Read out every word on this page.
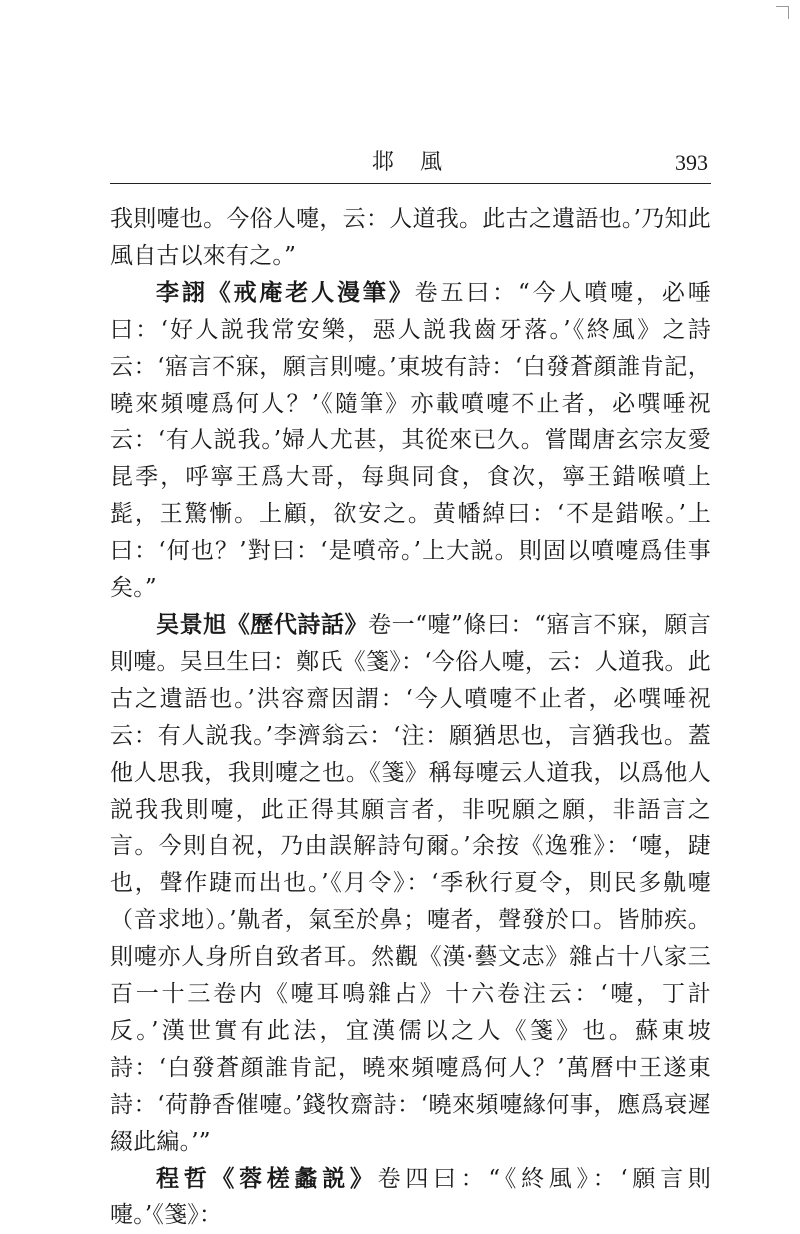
邶風	393

我則嚏也。今俗人嚏，云：人道我。此古之遺語也。’乃知此風自古以來有之。”

李詡《戒庵老人漫筆》卷五曰：“今人噴嚏，必唾曰：‘好人説我常安樂，惡人説我齒牙落。’《終風》之詩云：‘寤言不寐，願言則嚏。’東坡有詩：‘白發蒼顔誰肯記，曉來頻嚏爲何人？’《隨筆》亦載噴嚏不止者，必噀唾祝云：‘有人説我。’婦人尤甚，其從來已久。嘗聞唐玄宗友愛昆季，呼寧王爲大哥，每與同食，食次，寧王錯喉噴上髭，王驚慚。上顧，欲安之。黄幡綽曰：‘不是錯喉。’上曰：‘何也？’對曰：‘是噴帝。’上大説。則固以噴嚏爲佳事矣。”

吴景旭《歷代詩話》卷一“嚏”條曰：“寤言不寐，願言則嚏。吴旦生曰：鄭氏《箋》：‘今俗人嚏，云：人道我。此古之遺語也。’洪容齋因謂：‘今人噴嚏不止者，必噀唾祝云：有人説我。’李濟翁云：‘注：願猶思也，言猶我也。蓋他人思我，我則嚏之也。《箋》稱每嚏云人道我，以爲他人説我我則嚏，此正得其願言者，非呪願之願，非語言之言。今則自祝，乃由誤解詩句爾。’余按《逸雅》：‘嚏，踕也，聲作踕而出也。’《月令》：‘季秋行夏令，則民多鼽嚏（音求地）。’鼽者，氣至於鼻；嚏者，聲發於口。皆肺疾。則嚏亦人身所自致者耳。然觀《漢·藝文志》雜占十八家三百一十三卷内《嚏耳鳴雜占》十六卷注云：‘嚏，丁計反。’漢世實有此法，宜漢儒以之人《箋》也。蘇東坡詩：‘白發蒼顔誰肯記，曉來頻嚏爲何人？’萬曆中王遂東詩：‘荷静香催嚏。’錢牧齋詩：‘曉來頻嚏緣何事，應爲衰遲綴此編。’”

程哲《蓉槎蠡説》卷四曰：“《終風》：‘願言則嚏。’《箋》：
